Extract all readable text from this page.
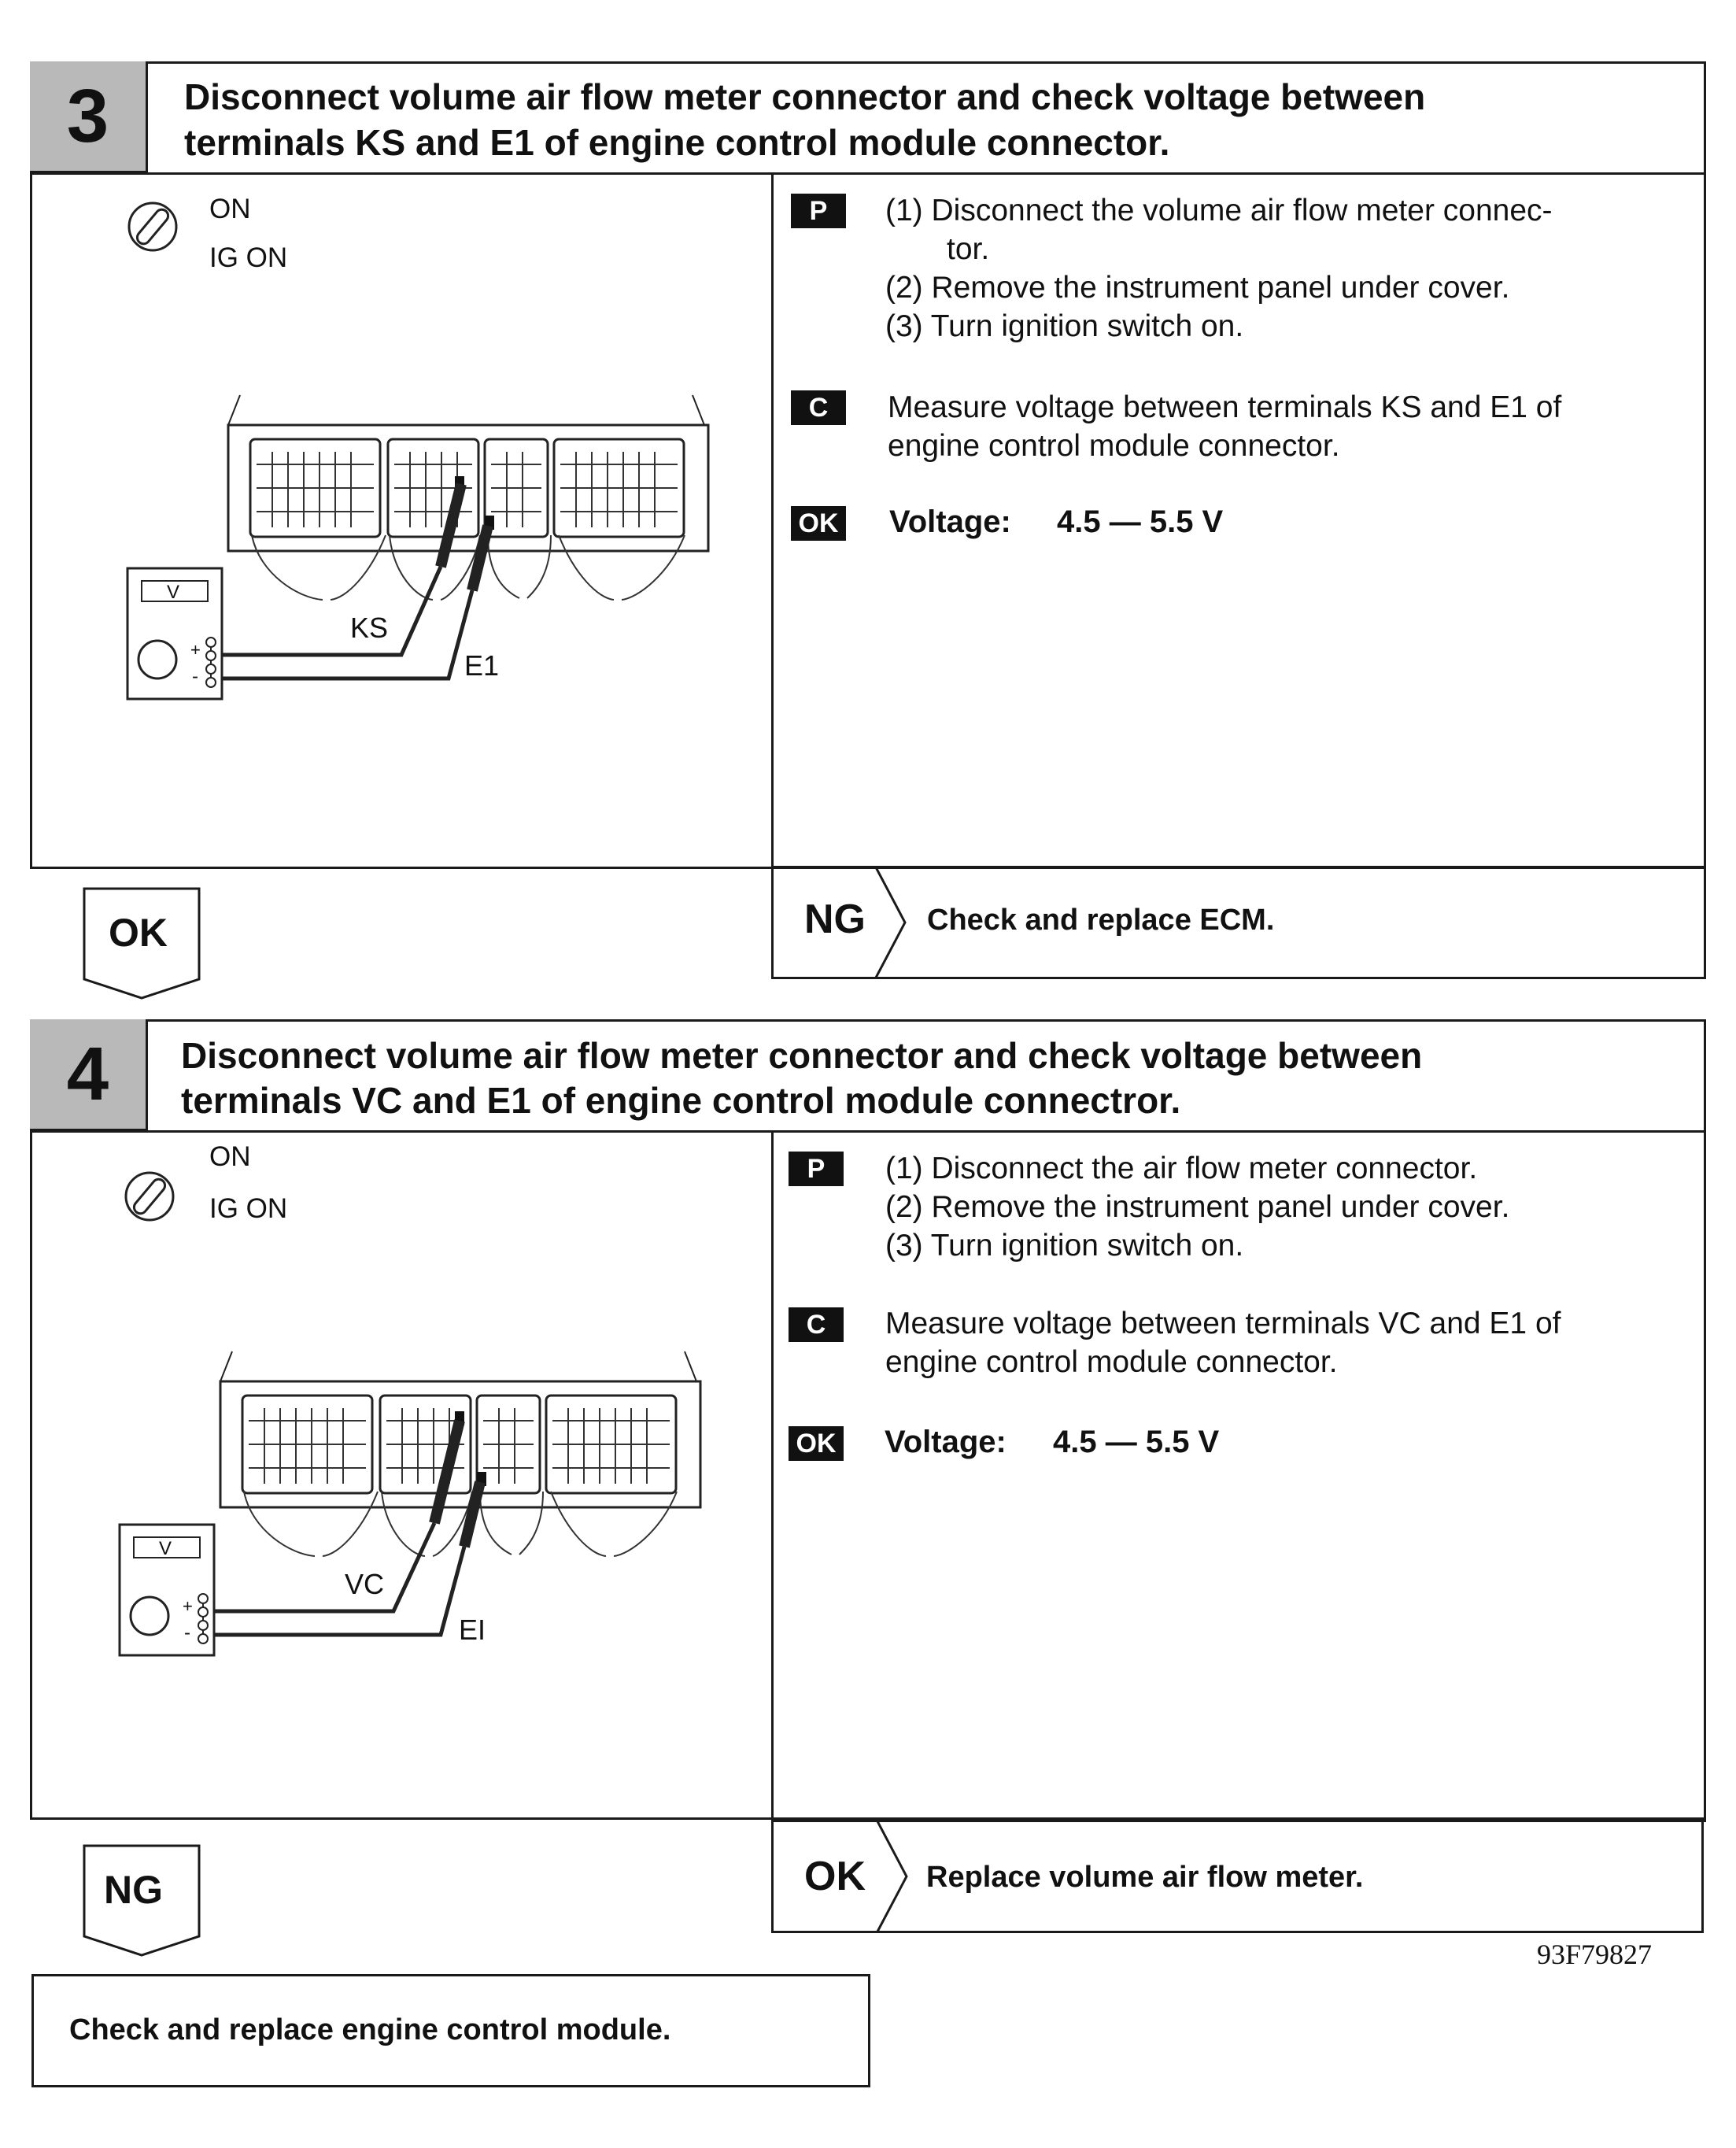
3	Disconnect volume air flow meter connector and check voltage between
terminals KS and E1 of engine control module connector.
ON
IG ON
+
-
V
KS
E1
P	(1) Disconnect the volume air flow meter connec-
tor.
(2) Remove the instrument panel under cover.
(3) Turn ignition switch on.
C	Measure voltage between terminals KS and E1 of
engine control module connector.
OK Voltage: 4.5 — 5.5 V
NG Check and replace ECM.
OK
4	Disconnect volume air flow meter connector and check voltage between
terminals VC and E1 of engine control module connectror.
ON
IG ON
+
-
V
VC
EI
P	(1) Disconnect the air flow meter connector.
(2) Remove the instrument panel under cover.
(3) Turn ignition switch on.
C	Measure voltage between terminals VC and E1 of
engine control module connector.
OK Voltage: 4.5 — 5.5 V
OK Replace volume air flow meter.
NG
93F79827
Check and replace engine control module.
